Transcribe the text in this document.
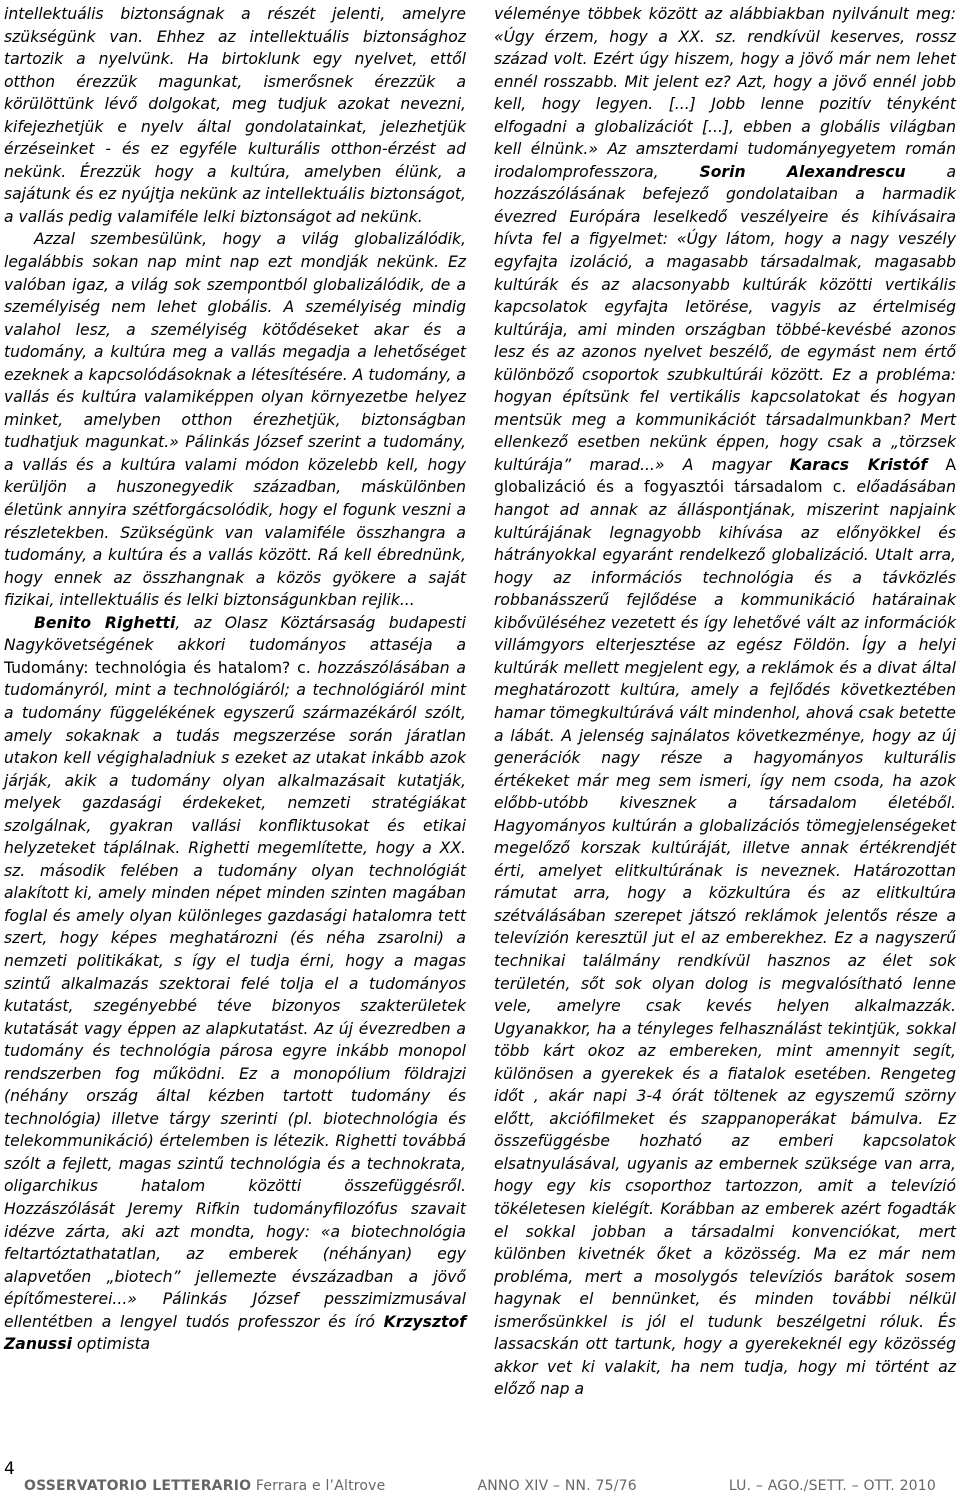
intellektuális biztonságnak a részét jelenti, amelyre szükségünk van. Ehhez az intellektuális biztonsághoz tartozik a nyelvünk. Ha birtoklunk egy nyelvet, ettől otthon érezzük magunkat, ismerősnek érezzük a körülöttünk lévő dolgokat, meg tudjuk azokat nevezni, kifejezhetjük e nyelv által gondolatainkat, jelezhetjük érzéseinket - és ez egyféle kulturális otthon-érzést ad nekünk. Érezzük hogy a kultúra, amelyben élünk, a sajátunk és ez nyújtja nekünk az intellektuális biztonságot, a vallás pedig valamiféle lelki biztonságot ad nekünk.

Azzal szembesülünk, hogy a világ globalizálódik, legalábbis sokan nap mint nap ezt mondják nekünk. Ez valóban igaz, a világ sok szempontból globalizálódik, de a személyiség nem lehet globális. A személyiség mindig valahol lesz, a személyiség kötődéseket akar és a tudomány, a kultúra meg a vallás megadja a lehetőséget ezeknek a kapcsolódásoknak a létesítésére. A tudomány, a vallás és kultúra valamiképpen olyan környezetbe helyez minket, amelyben otthon érezhetjük, biztonságban tudhatjuk magunkat.» Pálinkás József szerint a tudomány, a vallás és a kultúra valami módon közelebb kell, hogy kerüljön a huszonegyedik században, máskülönben életünk annyira szétforgácsolódik, hogy el fogunk veszni a részletekben. Szükségünk van valamiféle összhangra a tudomány, a kultúra és a vallás között. Rá kell ébrednünk, hogy ennek az összhangnak a közös gyökere a saját fizikai, intellektuális és lelki biztonságunkban rejlik...

Benito Righetti, az Olasz Köztársaság budapesti Nagykövetségének akkori tudományos attaséja a Tudomány: technológia és hatalom? c. hozzászólásában a tudományról, mint a technológiáról; a technológiáról mint a tudomány függelékének egyszerű származékáról szólt, amely sokaknak a tudás megszerzése során járatlan utakon kell végighaladniuk s ezeket az utakat inkább azok járják, akik a tudomány olyan alkalmazásait kutatják, melyek gazdasági érdekeket, nemzeti stratégiákat szolgálnak, gyakran vallási konfliktusokat és etikai helyzeteket táplálnak. Righetti megemlítette, hogy a XX. sz. második felében a tudomány olyan technológiát alakított ki, amely minden népet minden szinten magában foglal és amely olyan különleges gazdasági hatalomra tett szert, hogy képes meghatározni (és néha zsarolni) a nemzeti politikákat, s így el tudja érni, hogy a magas szintű alkalmazás szektorai felé tolja el a tudományos kutatást, szegényebbé téve bizonyos szakterületek kutatását vagy éppen az alapkutatást. Az új évezredben a tudomány és technológia párosa egyre inkább monopol rendszerben fog működni. Ez a monopólium földrajzi (néhány ország által kézben tartott tudomány és technológia) illetve tárgy szerinti (pl. biotechnológia és telekommunikáció) értelemben is létezik. Righetti továbbá szólt a fejlett, magas szintű technológia és a technokrata, oligarchikus hatalom közötti összefüggésről. Hozzászólását Jeremy Rifkin tudományfilozófus szavait idézve zárta, aki azt mondta, hogy: «a biotechnológia feltartóztathatatlan, az emberek (néhányan) egy alapvetően „biotech” jellemezte évszázadban a jövő építőmesterei...» Pálinkás József pesszimizmusával ellentétben a lengyel tudós professzor és író Krzysztof Zanussi optimista

véleménye többek között az alábbiakban nyilvánult meg: «Úgy érzem, hogy a XX. sz. rendkívül keserves, rossz század volt. Ezért úgy hiszem, hogy a jövő már nem lehet ennél rosszabb. Mit jelent ez? Azt, hogy a jövő ennél jobb kell, hogy legyen. [...] Jobb lenne pozitív tényként elfogadni a globalizációt [...], ebben a globális világban kell élnünk.» Az amszterdami tudományegyetem román irodalomprofesszora, Sorin Alexandrescu a hozzászólásának befejező gondolataiban a harmadik évezred Európára leselkedő veszélyeire és kihívásaira hívta fel a figyelmet: «Úgy látom, hogy a nagy veszély egyfajta izoláció, a magasabb társadalmak, magasabb kultúrák és az alacsonyabb kultúrák közötti vertikális kapcsolatok egyfajta letörése, vagyis az értelmiség kultúrája, ami minden országban többé-kevésbé azonos lesz és az azonos nyelvet beszélő, de egymást nem értő különböző csoportok szubkultúrái között. Ez a probléma: hogyan építsünk fel vertikális kapcsolatokat és hogyan mentsük meg a kommunikációt társadalmunkban? Mert ellenkező esetben nekünk éppen, hogy csak a „törzsek kultúrája” marad...» A magyar Karacs Kristóf A globalizáció és a fogyasztói társadalom c. előadásában hangot ad annak az álláspontjának, miszerint napjaink kultúrájának legnagyobb kihívása az előnyökkel és hátrányokkal egyaránt rendelkező globalizáció. Utalt arra, hogy az információs technológia és a távközlés robbanásszerű fejlődése a kommunikáció határainak kibővüléséhez vezetett és így lehetővé vált az információk villámgyors elterjesztése az egész Földön. Így a helyi kultúrák mellett megjelent egy, a reklámok és a divat által meghatározott kultúra, amely a fejlődés következtében hamar tömegkultúrává vált mindenhol, ahová csak betette a lábát. A jelenség sajnálatos következménye, hogy az új generációk nagy része a hagyományos kulturális értékeket már meg sem ismeri, így nem csoda, ha azok előbb-utóbb kivesznek a társadalom életéből. Hagyományos kultúrán a globalizációs tömegjelenségeket megelőző korszak kultúráját, illetve annak értékrendjét érti, amelyet elitkultúrának is neveznek. Határozottan rámutat arra, hogy a közkultúra és az elitkultúra szétválásában szerepet játszó reklámok jelentős része a televízión keresztül jut el az emberekhez. Ez a nagyszerű technikai találmány rendkívül hasznos az élet sok területén, sőt sok olyan dolog is megvalósítható lenne vele, amelyre csak kevés helyen alkalmazzák. Ugyanakkor, ha a tényleges felhasználást tekintjük, sokkal több kárt okoz az embereken, mint amennyit segít, különösen a gyerekek és a fiatalok esetében. Rengeteg időt , akár napi 3-4 órát töltenek az egyszemű szörny előtt, akciófilmeket és szappanoperákat bámulva. Ez összefüggésbe hozható az emberi kapcsolatok elsatnyulásával, ugyanis az embernek szüksége van arra, hogy egy kis csoporthoz tartozzon, amit a televízió tökéletesen kielégít. Korábban az emberek azért fogadták el sokkal jobban a társadalmi konvenciókat, mert különben kivetnék őket a közösség. Ma ez már nem probléma, mert a mosolygós televíziós barátok sosem hagynak el bennünket, és minden további nélkül ismerősünkkel is jól el tudunk beszélgetni róluk. És lassacskán ott tartunk, hogy a gyerekeknél egy közösség akkor vet ki valakit, ha nem tudja, hogy mi történt az előző nap a

4
OSSERVATORIO LETTERARIO Ferrara e l’Altrove	ANNO XIV – NN. 75/76	LU. – AGO./SETT. – OTT. 2010
